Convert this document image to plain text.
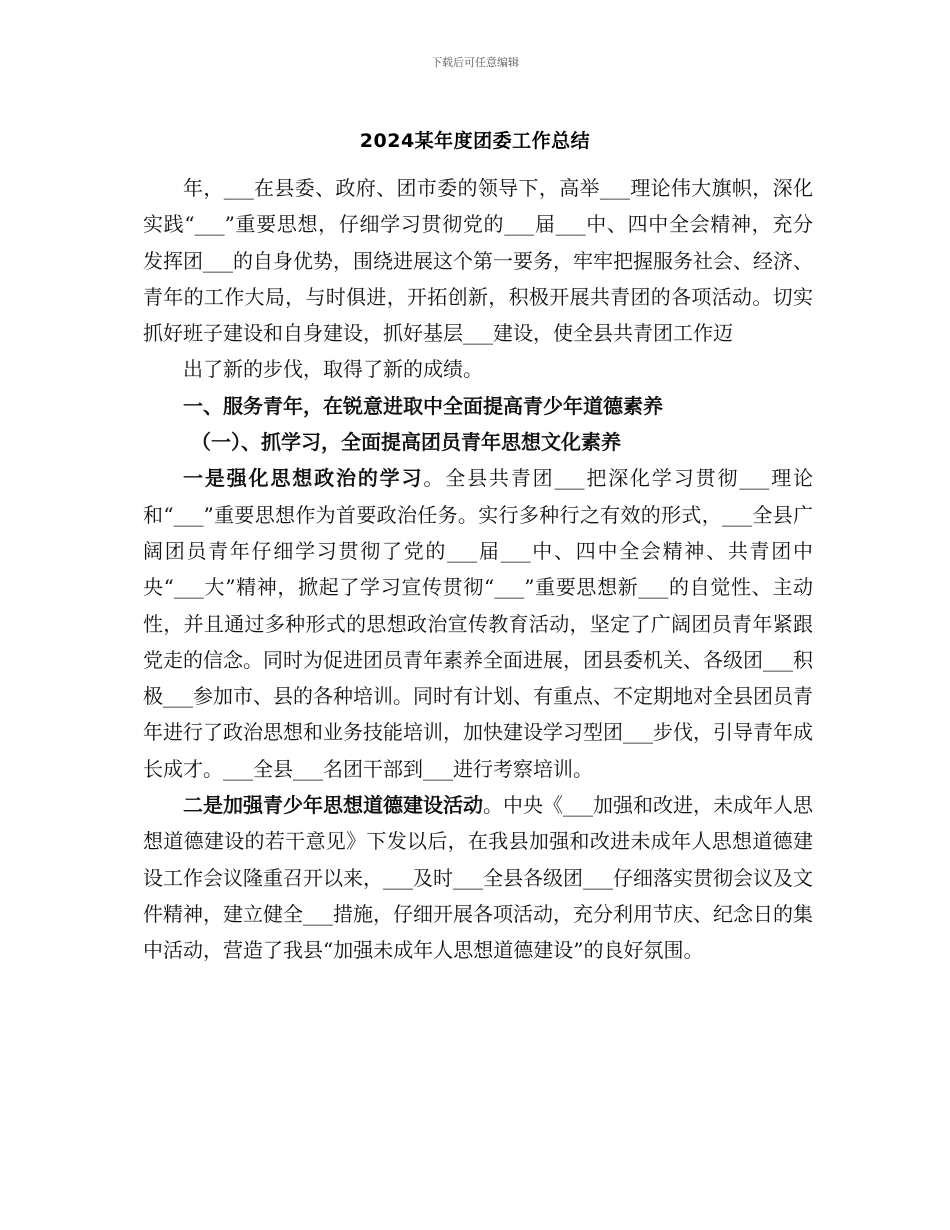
下载后可任意编辑
2024某年度团委工作总结

年，___在县委、政府、团市委的领导下，高举___理论伟大旗帜，深化实践“___”重要思想，仔细学习贯彻党的___届___中、四中全会精神，充分发挥团___的自身优势，围绕进展这个第一要务，牢牢把握服务社会、经济、青年的工作大局，与时俱进，开拓创新，积极开展共青团的各项活动。切实抓好班子建设和自身建设，抓好基层___建设，使全县共青团工作迈

出了新的步伐，取得了新的成绩。

一、服务青年，在锐意进取中全面提高青少年道德素养

（一）、抓学习，全面提高团员青年思想文化素养

一是强化思想政治的学习。全县共青团___把深化学习贯彻___理论和“___”重要思想作为首要政治任务。实行多种行之有效的形式，___全县广阔团员青年仔细学习贯彻了党的___届___中、四中全会精神、共青团中央“___大”精神，掀起了学习宣传贯彻“___”重要思想新___的自觉性、主动性，并且通过多种形式的思想政治宣传教育活动，坚定了广阔团员青年紧跟党走的信念。同时为促进团员青年素养全面进展，团县委机关、各级团___积极___参加市、县的各种培训。同时有计划、有重点、不定期地对全县团员青年进行了政治思想和业务技能培训，加快建设学习型团___步伐，引导青年成长成才。___全县___名团干部到___进行考察培训。

二是加强青少年思想道德建设活动。中央《___加强和改进，未成年人思想道德建设的若干意见》下发以后，在我县加强和改进未成年人思想道德建设工作会议隆重召开以来，___及时___全县各级团___仔细落实贯彻会议及文件精神，建立健全___措施，仔细开展各项活动，充分利用节庆、纪念日的集中活动，营造了我县“加强未成年人思想道德建设”的良好氛围。
